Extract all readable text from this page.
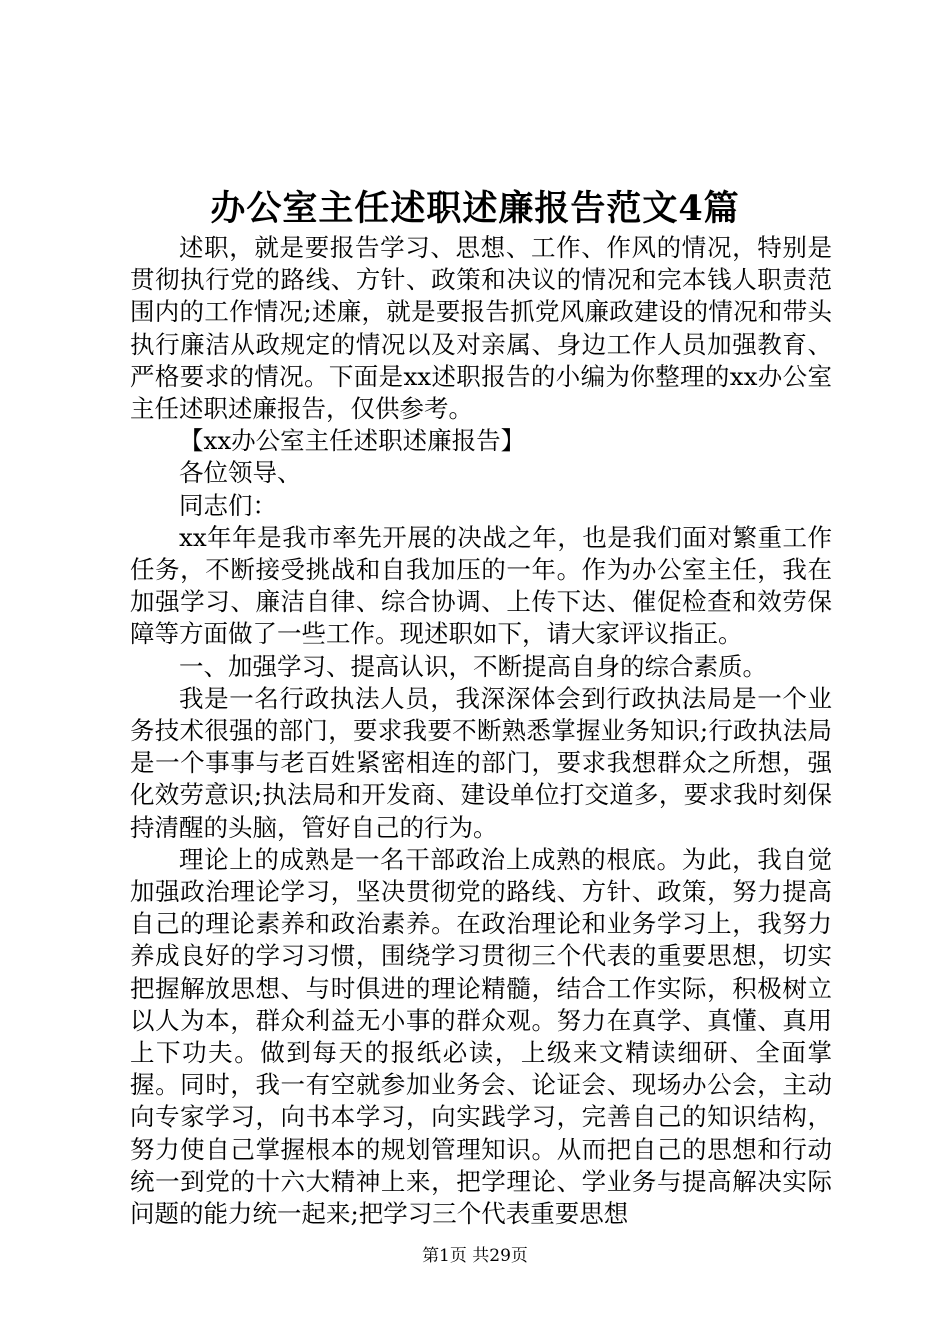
办公室主任述职述廉报告范文4篇

述职，就是要报告学习、思想、工作、作风的情况，特别是贯彻执行党的路线、方针、政策和决议的情况和完本钱人职责范围内的工作情况;述廉，就是要报告抓党风廉政建设的情况和带头执行廉洁从政规定的情况以及对亲属、身边工作人员加强教育、严格要求的情况。下面是xx述职报告的小编为你整理的xx办公室主任述职述廉报告，仅供参考。

【xx办公室主任述职述廉报告】

各位领导、

同志们：

xx年年是我市率先开展的决战之年，也是我们面对繁重工作任务，不断接受挑战和自我加压的一年。作为办公室主任，我在加强学习、廉洁自律、综合协调、上传下达、催促检查和效劳保障等方面做了一些工作。现述职如下，请大家评议指正。

一、加强学习、提高认识，不断提高自身的综合素质。

我是一名行政执法人员，我深深体会到行政执法局是一个业务技术很强的部门，要求我要不断熟悉掌握业务知识;行政执法局是一个事事与老百姓紧密相连的部门，要求我想群众之所想，强化效劳意识;执法局和开发商、建设单位打交道多，要求我时刻保持清醒的头脑，管好自己的行为。

理论上的成熟是一名干部政治上成熟的根底。为此，我自觉加强政治理论学习，坚决贯彻党的路线、方针、政策，努力提高自己的理论素养和政治素养。在政治理论和业务学习上，我努力养成良好的学习习惯，围绕学习贯彻三个代表的重要思想，切实把握解放思想、与时俱进的理论精髓，结合工作实际，积极树立以人为本，群众利益无小事的群众观。努力在真学、真懂、真用上下功夫。做到每天的报纸必读，上级来文精读细研、全面掌握。同时，我一有空就参加业务会、论证会、现场办公会，主动向专家学习，向书本学习，向实践学习，完善自己的知识结构，努力使自己掌握根本的规划管理知识。从而把自己的思想和行动统一到党的十六大精神上来，把学理论、学业务与提高解决实际问题的能力统一起来;把学习三个代表重要思想

第1页 共29页
